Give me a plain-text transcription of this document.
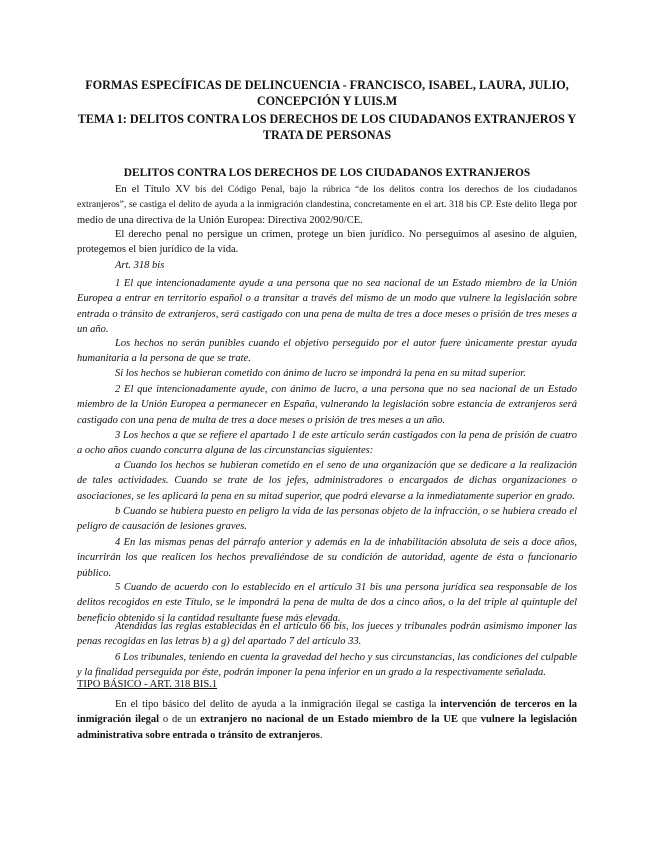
FORMAS ESPECÍFICAS DE DELINCUENCIA - FRANCISCO, ISABEL, LAURA, JULIO, CONCEPCIÓN Y LUIS.M
TEMA 1: DELITOS CONTRA LOS DERECHOS DE LOS CIUDADANOS EXTRANJEROS Y TRATA DE PERSONAS
DELITOS CONTRA LOS DERECHOS DE LOS CIUDADANOS EXTRANJEROS
En el Título XV bis del Código Penal, bajo la rúbrica “de los delitos contra los derechos de los ciudadanos extranjeros”, se castiga el delito de ayuda a la inmigración clandestina, concretamente en el art. 318 bis CP. Este delito llega por medio de una directiva de la Unión Europea: Directiva 2002/90/CE.
El derecho penal no persigue un crimen, protege un bien jurídico. No perseguimos al asesino de alguien, protegemos el bien jurídico de la vida.
Art. 318 bis
1 El que intencionadamente ayude a una persona que no sea nacional de un Estado miembro de la Unión Europea a entrar en territorio español o a transitar a través del mismo de un modo que vulnere la legislación sobre entrada o tránsito de extranjeros, será castigado con una pena de multa de tres a doce meses o prisión de tres meses a un año.
Los hechos no serán punibles cuando el objetivo perseguido por el autor fuere únicamente prestar ayuda humanitaria a la persona de que se trate.
Si los hechos se hubieran cometido con ánimo de lucro se impondrá la pena en su mitad superior.
2 El que intencionadamente ayude, con ánimo de lucro, a una persona que no sea nacional de un Estado miembro de la Unión Europea a permanecer en España, vulnerando la legislación sobre estancia de extranjeros será castigado con una pena de multa de tres a doce meses o prisión de tres meses a un año.
3 Los hechos a que se refiere el apartado 1 de este artículo serán castigados con la pena de prisión de cuatro a ocho años cuando concurra alguna de las circunstancias siguientes:
a Cuando los hechos se hubieran cometido en el seno de una organización que se dedicare a la realización de tales actividades. Cuando se trate de los jefes, administradores o encargados de dichas organizaciones o asociaciones, se les aplicará la pena en su mitad superior, que podrá elevarse a la inmediatamente superior en grado.
b Cuando se hubiera puesto en peligro la vida de las personas objeto de la infracción, o se hubiera creado el peligro de causación de lesiones graves.
4 En las mismas penas del párrafo anterior y además en la de inhabilitación absoluta de seis a doce años, incurrirán los que realicen los hechos prevaliéndose de su condición de autoridad, agente de ésta o funcionario público.
5 Cuando de acuerdo con lo establecido en el artículo 31 bis una persona jurídica sea responsable de los delitos recogidos en este Título, se le impondrá la pena de multa de dos a cinco años, o la del triple al quíntuple del beneficio obtenido si la cantidad resultante fuese más elevada.
Atendidas las reglas establecidas en el artículo 66 bis, los jueces y tribunales podrán asimismo imponer las penas recogidas en las letras b) a g) del apartado 7 del artículo 33.
6 Los tribunales, teniendo en cuenta la gravedad del hecho y sus circunstancias, las condiciones del culpable y la finalidad perseguida por éste, podrán imponer la pena inferior en un grado a la respectivamente señalada.
TIPO BÁSICO - ART. 318 BIS.1
En el tipo básico del delito de ayuda a la inmigración ilegal se castiga la intervención de terceros en la inmigración ilegal o de un extranjero no nacional de un Estado miembro de la UE que vulnere la legislación administrativa sobre entrada o tránsito de extranjeros.
